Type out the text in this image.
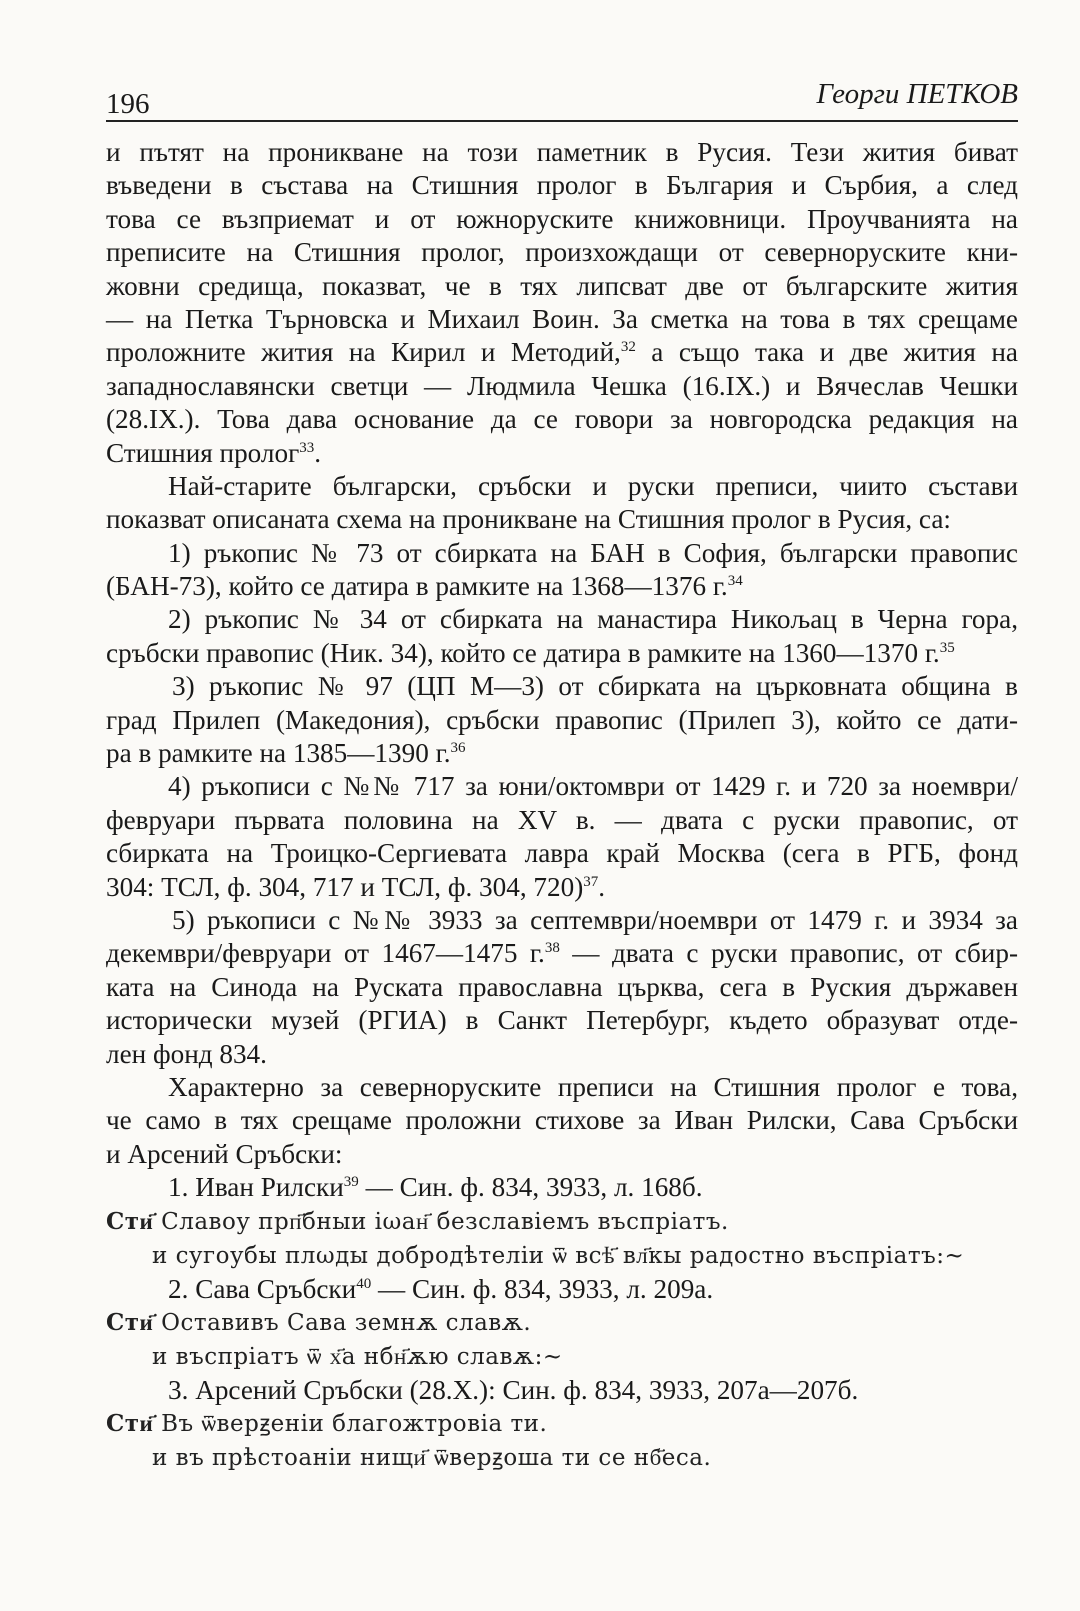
196	Георги ПЕТКОВ
и пътят на проникване на този паметник в Русия. Тези жития биват
въведени в състава на Стишния пролог в България и Сърбия, а след
това се възприемат и от южноруските книжовници. Проучванията на
преписите на Стишния пролог, произхождащи от севернoруските кни-
жовни средища, показват, че в тях липсват две от българските жития
— на Петка Търновска и Михаил Воин. За сметка на това в тях срещаме
проложните жития на Кирил и Методий,$^{32}$ а също така и две жития на
западнославянски светци — Людмила Чешка (16.IX.) и Вячеслав Чешки
(28.IX.). Това дава основание да се говори за новгородска редакция на
Стишния пролог$^{33}$.
Най-старите български, сръбски и руски преписи, чиито състави
показват описаната схема на проникване на Стишния пролог в Русия, са:
1) ръкопис № 73 от сбирката на БАН в София, български правопис
(БАН-73), който се датира в рамките на 1368—1376 г.$^{34}$
2) ръкопис № 34 от сбирката на манастира Никољац в Черна гора,
сръбски правопис (Ник. 34), който се датира в рамките на 1360—1370 г.$^{35}$
3) ръкопис № 97 (ЦП М—3) от сбирката на църковната община в
град Прилеп (Македония), сръбски правопис (Прилеп 3), който се дати-
ра в рамките на 1385—1390 г.$^{36}$
4) ръкописи с №№ 717 за юни/октомври от 1429 г. и 720 за ноември/
февруари първата половина на XV в. — двата с руски правопис, от
сбирката на Троицко-Сергиевата лавра край Москва (сега в РГБ, фонд
304: ТСЛ, ф. 304, 717 и ТСЛ, ф. 304, 720)$^{37}$.
5) ръкописи с №№ 3933 за септември/ноември от 1479 г. и 3934 за
декември/февруари от 1467—1475 г.$^{38}$ — двата с руски правопис, от сбир-
ката на Синода на Руската православна църква, сега в Руския държавен
исторически музей (РГИА) в Санкт Петербург, където образуват отде-
лен фонд 834.
Характерно за севернoруските преписи на Стишния пролог е това,
че само в тях срещаме проложни стихове за Иван Рилски, Сава Сръбски
и Арсений Сръбски:
1. Иван Рилски$^{39}$ — Син. ф. 834, 3933, л. 168б.
Сти҃ Славоу прп҃бныи iωан҃ безславiемъ въспрiатъ.
и сугоубы плωды добродѣтелiи ѿ всѣ҃ вл҃кы радостно въспрiатъ:~
2. Сава Сръбски$^{40}$ — Син. ф. 834, 3933, л. 209а.
Сти҃ Оставивъ Сава земнѫ славѫ.
и въспрiатъ ѿ х҃а нбн҃ѫю славѫ:~
3. Арсений Сръбски (28.X.): Син. ф. 834, 3933, 207а—207б.
Сти҃ Въ ѿверꙃенiи благожтровiа ти.
и въ прѣстоанiи нищи҃ ѿверꙃоша ти се нб҃еса.
